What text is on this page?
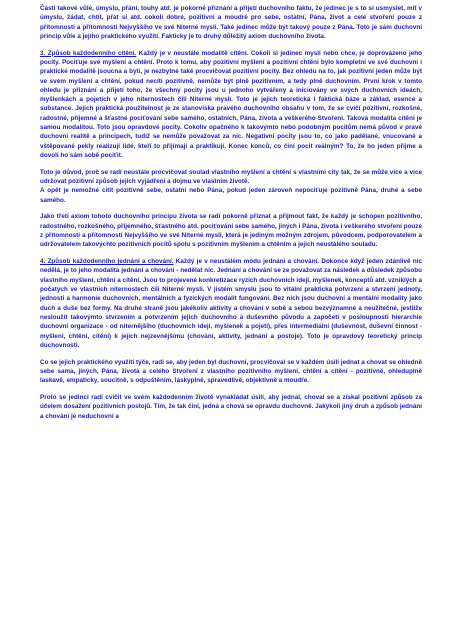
Části takové vůle, úmyslu, přání, touhy atd. je pokorné přiznání a přijetí duchovního faktu, že jedinec je s to si usmyslet, mít v úmyslu, žádat, chtít, přát si atd. cokoli dobré, pozitivní a moudré pro sebe, ostatní, Pána, život a celé stvoření pouze z přítomnosti a přítomností Nejvyššího ve své Niterné mysli. Také jedinec může být takový pouze z Pána. Toto je sám duchovní princip vůle a jejího praktického využití. Fakticky je to druhý důležitý axiom duchovního života.

3. Způsob každodenního cítění. Každý je v neustálé modalitě cítění. Cokoli si jedinec mysli nebo chce, je doprovázeno jeho pocity. Pociťuje své myšlení a chtění. Proto k tomu, aby pozitivní myšlení a pozitivní chtění bylo kompletní ve své duchovní i praktické modalitě jsoucna a bytí, je nezbytné také procvičovat pozitivní pocity. Bez ohledu na to, jak pozitivní jeden může být ve svém myšlení a chtění, pokud necítí pozitivně, nemůže být plně pozitivním, a tedy plně duchovním. První krok v tomto ohledu je přiznání a přijetí toho, že všechny pocity jsou u jednoho vytvářeny a iniciovány ve svých duchovních ideách, myšlenkách a pojetích v jeho niternostech čili Niterné mysli. Toto je jejich teoretická i faktická báze a základ, esence a substance. Jejich praktická použitelnost je ze stanoviska pravého duchovního obsahu v tom, že se cvičí pozitivní, rozkošné, radostné, příjemné a šťastné pociťování sebe samého, ostatních, Pána, života a veškerého Stvoření. Taková modalita cítění je samou modalitou. Toto jsou opravdové pocity. Cokoliv opačného k takovýmto nebo podobným pocitům nemá původ v pravé duchovní realitě a principech, tudíž se nemůže považovat za nic. Negativní pocity jsou to, co jako padělané, vnucované a vštěpované pekly realizují lidé, kteří to přijímají a praktikují. Konec konců, co činí pocit reálným? To, že ho jeden přijme a dovolí ho sám sobě pociťit.

Toto je důvod, proč se radí neustále procvičovat soulad vlastního myšlení a chtění s vlastními city tak, že se může více a více udržovat pozitivní způsob jejich vyjádření a dojmu ve vlastním životě.
A opět je nemožné cítit pozitivně sebe, ostatní nebo Pána, pokud jeden zároveň nepociťuje pozitivně Pána, druhé a sebe samého.

Jako třetí axiom tohoto duchovního principu života se radí pokorně přiznat a přijmout fakt, že každý je schopen pozitivního, radostného, rozkošného, příjemného, šťastného atd. pociťování sebe samého, jiných i Pána, života i veškerého stvoření pouze z přítomnosti a přítomností Nejvyššího ve své Niterné mysli, která je jediným možným zdrojem, původcem, podporovatelem a udržovatelem takovýchto pozitivních pocitů spolu s pozitivním myšlením a chtěním a jejich neustálého souladu.

4. Způsob každodenního jednání a chování. Každý je v neustálém módu jednání a chování. Dokonce když jeden zdánlivě nic nedělá, je to jeho modalita jednání a chování - nedělat nic. Jednání a chování se ze považovat za následek a důsledek způsobu vlastního myšlení, chtění a cítění. Jsou to projevené konkretizace ryzích duchovních idejí, myšlenek, konceptů atd. vzniklých a počatých ve vlastních niternostech čili Niterné mysli. V jistém smyslu jsou to vitální praktická potvrzení a stvrzení jednoty, jednosti a harmonie duchovních, mentálních a fyzických modalit fungování. Bez nich jsou duchovní a mentální modality jako duch a duše bez formy. Na druhé straně jsou jakékoliv aktivity a chování v sobě a sebou bezvýznamné a neužitečné, jestliže nesloužít takovýmto stvrzením a potvrzením jejich duchovního a duševního původu a započetí v posloupnosti hierarchie duchovní organizace - od niternějšího (duchovních idejí, myšlenek a pojetí), přes intermediální (duševnost, duševní činnost - myšlení, chtění, cítění) k jejich nejzevnějšímu (chování, aktivity, jednání a postoje). Toto je opravdový teoretický princip duchovnosti.

Co se jejich praktického využití týče, radí se, aby jeden byl duchovní, procvičoval se v každém úsilí jednat a chovat se ohledně sebe sama, jiných, Pána, života a celého Stvoření z vlastního pozitivního myšlení, chtění a cítění - pozitivně, ohleduplně laskavě, empaticky, soucitně, s odpuštěním, láskyplně, spravedlivě, objektivně a moudře.

Proto se jedinci radí cvičit ve svém každodenním životě vynakládat úsilí, aby jednal, choval se a získal pozitivní způsob za účelem dosažení pozitivních postojů. Tím, že tak činí, jedná a chová se opravdu duchovně. Jakýkoli jiný druh a způsob jednání a chování je neduchovní a
